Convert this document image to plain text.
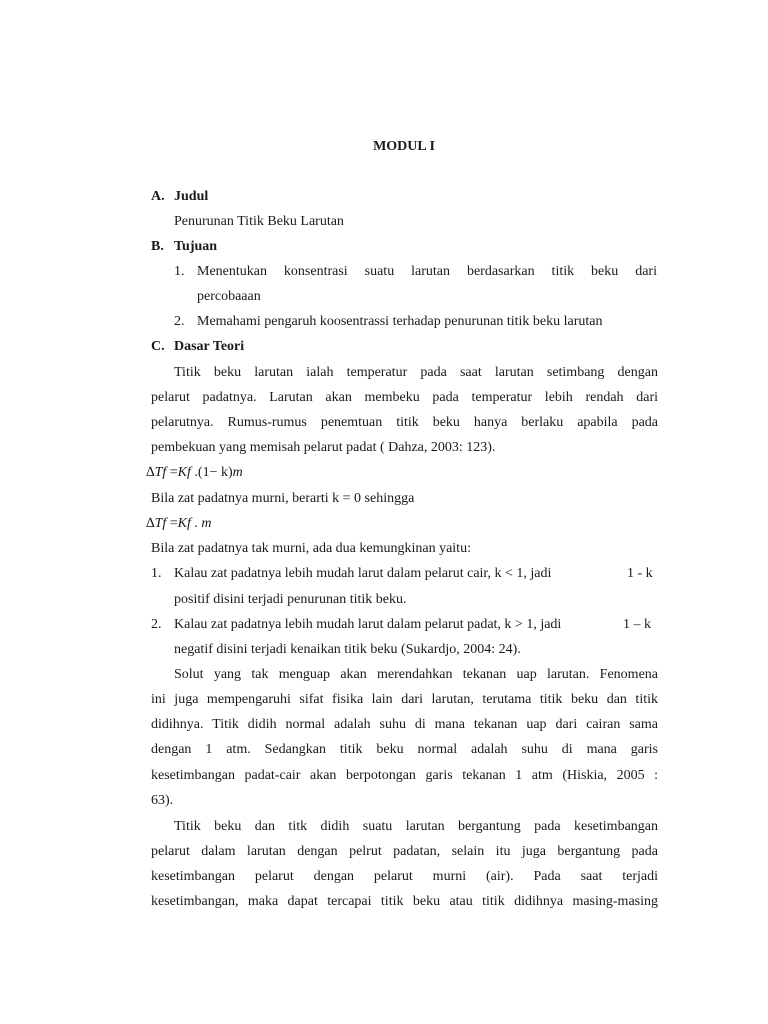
MODUL I
A. Judul
Penurunan Titik Beku Larutan
B. Tujuan
1. Menentukan konsentrasi suatu larutan berdasarkan titik beku dari
percobaaan
2. Memahami pengaruh koosentrassi terhadap penurunan titik beku larutan
C. Dasar Teori
Titik beku larutan ialah temperatur pada saat larutan setimbang dengan
pelarut padatnya. Larutan akan membeku pada temperatur lebih rendah dari
pelarutnya. Rumus-rumus penemtuan titik beku hanya berlaku apabila pada
pembekuan yang memisah pelarut padat ( Dahza, 2003: 123).
∆Tf =Kf .(1− k)m
Bila zat padatnya murni, berarti k = 0 sehingga
∆Tf =Kf . m
Bila zat padatnya tak murni, ada dua kemungkinan yaitu:
1. Kalau zat padatnya lebih mudah larut dalam pelarut cair, k < 1, jadi	1 - k
positif disini terjadi penurunan titik beku.
2. Kalau zat padatnya lebih mudah larut dalam pelarut padat, k > 1, jadi	1 – k
negatif disini terjadi kenaikan titik beku (Sukardjo, 2004: 24).
Solut yang tak menguap akan merendahkan tekanan uap larutan. Fenomena
ini juga mempengaruhi sifat fisika lain dari larutan, terutama titik beku dan titik
didihnya. Titik didih normal adalah suhu di mana tekanan uap dari cairan sama
dengan 1 atm. Sedangkan titik beku normal adalah suhu di mana garis
kesetimbangan padat-cair akan berpotongan garis tekanan 1 atm (Hiskia, 2005 :
63).
Titik beku dan titk didih suatu larutan bergantung pada kesetimbangan
pelarut dalam larutan dengan pelrut padatan, selain itu juga bergantung pada
kesetimbangan pelarut dengan pelarut murni (air). Pada saat terjadi
kesetimbangan, maka dapat tercapai titik beku atau titik didihnya masing-masing
